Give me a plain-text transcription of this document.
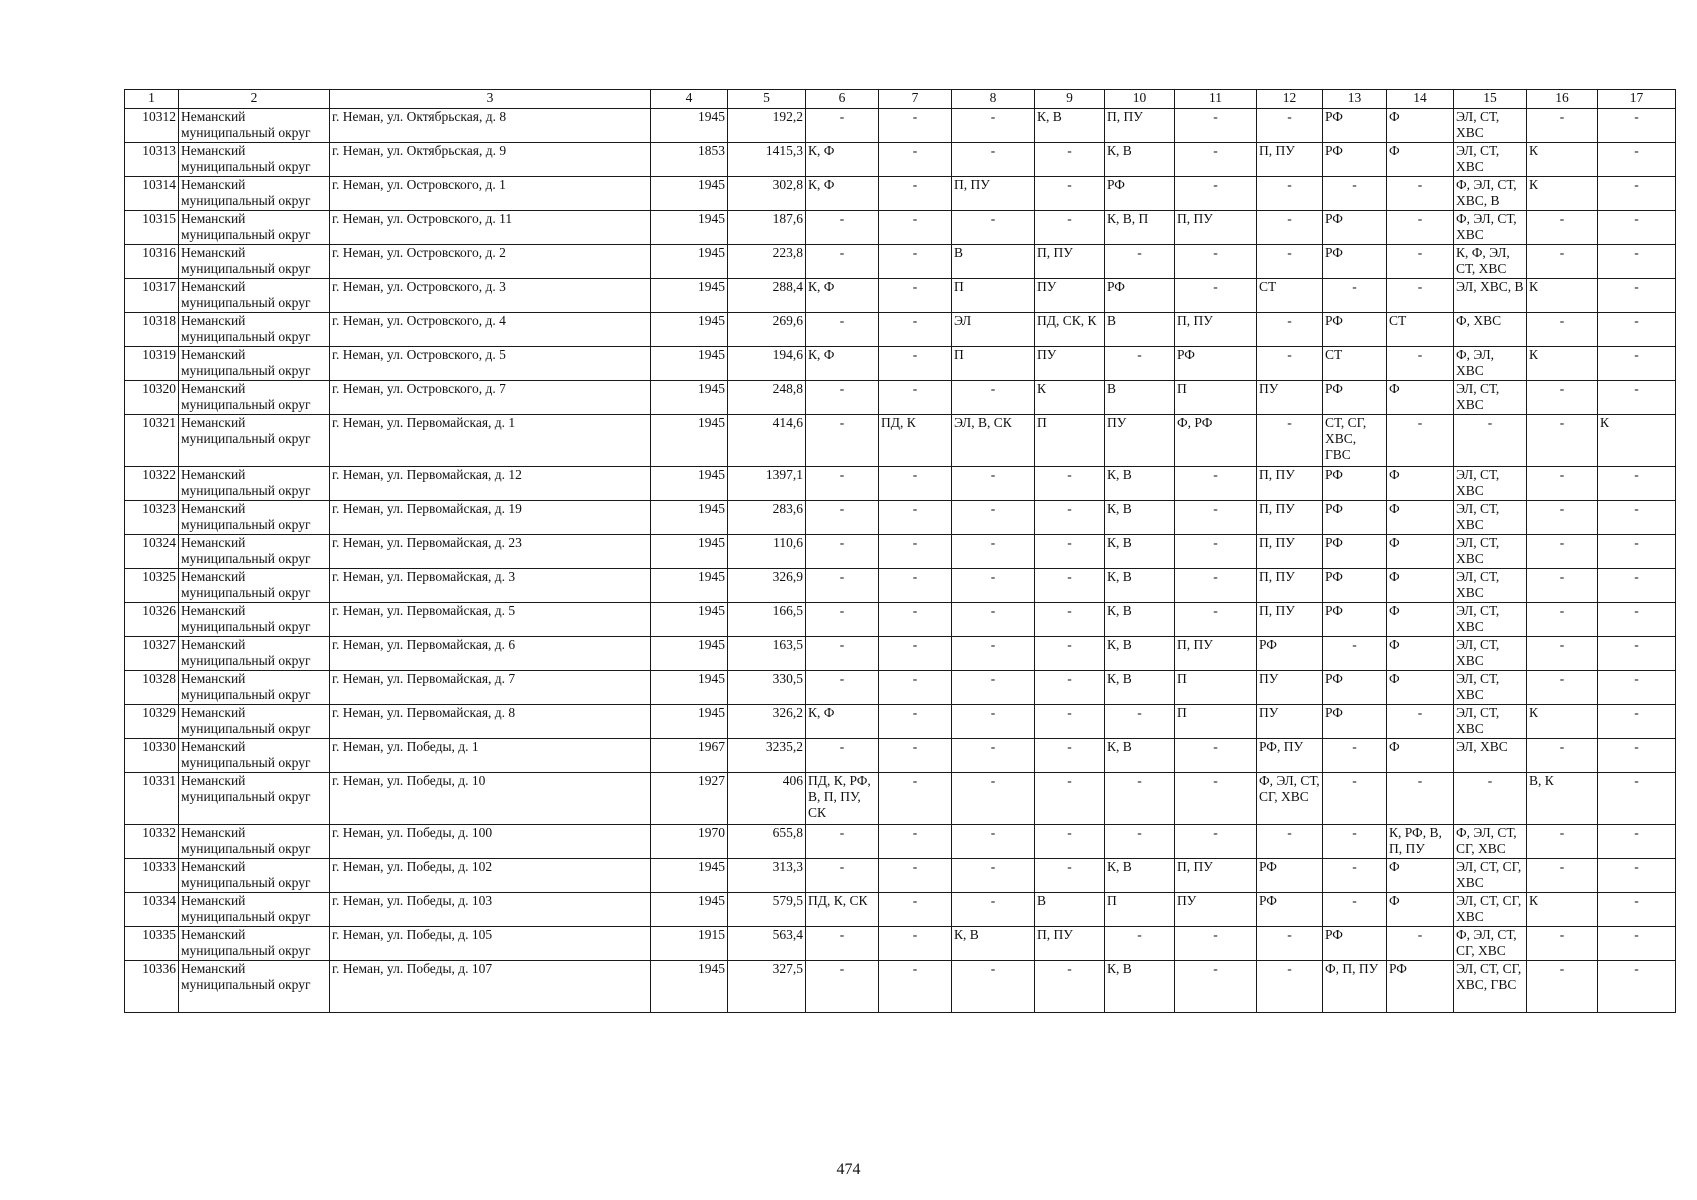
1	2	3	4	5	6	7	8	9	10	11	12	13	14	15	16	17
10312	Неманский муниципальный округ	г. Неман, ул. Октябрьская, д. 8	1945	192,2	-	-	-	К, В	П, ПУ	-	-	РФ	Ф	ЭЛ, СТ, ХВС	-	-
10313	Неманский муниципальный округ	г. Неман, ул. Октябрьская, д. 9	1853	1415,3	К, Ф	-	-	-	К, В	-	П, ПУ	РФ	Ф	ЭЛ, СТ, ХВС	К	-
10314	Неманский муниципальный округ	г. Неман, ул. Островского, д. 1	1945	302,8	К, Ф	-	П, ПУ	-	РФ	-	-	-	-	Ф, ЭЛ, СТ, ХВС, В	К	-
10315	Неманский муниципальный округ	г. Неман, ул. Островского, д. 11	1945	187,6	-	-	-	-	К, В, П	П, ПУ	-	РФ	-	Ф, ЭЛ, СТ, ХВС	-	-
10316	Неманский муниципальный округ	г. Неман, ул. Островского, д. 2	1945	223,8	-	-	В	П, ПУ	-	-	-	РФ	-	К, Ф, ЭЛ, СТ, ХВС	-	-
10317	Неманский муниципальный округ	г. Неман, ул. Островского, д. 3	1945	288,4	К, Ф	-	П	ПУ	РФ	-	СТ	-	-	ЭЛ, ХВС, В	К	-
10318	Неманский муниципальный округ	г. Неман, ул. Островского, д. 4	1945	269,6	-	-	ЭЛ	ПД, СК, К	В	П, ПУ	-	РФ	СТ	Ф, ХВС	-	-
10319	Неманский муниципальный округ	г. Неман, ул. Островского, д. 5	1945	194,6	К, Ф	-	П	ПУ	-	РФ	-	СТ	-	Ф, ЭЛ, ХВС	К	-
10320	Неманский муниципальный округ	г. Неман, ул. Островского, д. 7	1945	248,8	-	-	-	К	В	П	ПУ	РФ	Ф	ЭЛ, СТ, ХВС	-	-
10321	Неманский муниципальный округ	г. Неман, ул. Первомайская, д. 1	1945	414,6	-	ПД, К	ЭЛ, В, СК	П	ПУ	Ф, РФ	-	СТ, СГ, ХВС, ГВС	-	-	-	К
10322	Неманский муниципальный округ	г. Неман, ул. Первомайская, д. 12	1945	1397,1	-	-	-	-	К, В	-	П, ПУ	РФ	Ф	ЭЛ, СТ, ХВС	-	-
10323	Неманский муниципальный округ	г. Неман, ул. Первомайская, д. 19	1945	283,6	-	-	-	-	К, В	-	П, ПУ	РФ	Ф	ЭЛ, СТ, ХВС	-	-
10324	Неманский муниципальный округ	г. Неман, ул. Первомайская, д. 23	1945	110,6	-	-	-	-	К, В	-	П, ПУ	РФ	Ф	ЭЛ, СТ, ХВС	-	-
10325	Неманский муниципальный округ	г. Неман, ул. Первомайская, д. 3	1945	326,9	-	-	-	-	К, В	-	П, ПУ	РФ	Ф	ЭЛ, СТ, ХВС	-	-
10326	Неманский муниципальный округ	г. Неман, ул. Первомайская, д. 5	1945	166,5	-	-	-	-	К, В	-	П, ПУ	РФ	Ф	ЭЛ, СТ, ХВС	-	-
10327	Неманский муниципальный округ	г. Неман, ул. Первомайская, д. 6	1945	163,5	-	-	-	-	К, В	П, ПУ	РФ	-	Ф	ЭЛ, СТ, ХВС	-	-
10328	Неманский муниципальный округ	г. Неман, ул. Первомайская, д. 7	1945	330,5	-	-	-	-	К, В	П	ПУ	РФ	Ф	ЭЛ, СТ, ХВС	-	-
10329	Неманский муниципальный округ	г. Неман, ул. Первомайская, д. 8	1945	326,2	К, Ф	-	-	-	-	П	ПУ	РФ	-	ЭЛ, СТ, ХВС	К	-
10330	Неманский муниципальный округ	г. Неман, ул. Победы, д. 1	1967	3235,2	-	-	-	-	К, В	-	РФ, ПУ	-	Ф	ЭЛ, ХВС	-	-
10331	Неманский муниципальный округ	г. Неман, ул. Победы, д. 10	1927	406	ПД, К, РФ, В, П, ПУ, СК	-	-	-	-	-	Ф, ЭЛ, СТ, СГ, ХВС	-	-	-	В, К	-
10332	Неманский муниципальный округ	г. Неман, ул. Победы, д. 100	1970	655,8	-	-	-	-	-	-	-	-	К, РФ, В, П, ПУ	Ф, ЭЛ, СТ, СГ, ХВС	-	-
10333	Неманский муниципальный округ	г. Неман, ул. Победы, д. 102	1945	313,3	-	-	-	-	К, В	П, ПУ	РФ	-	Ф	ЭЛ, СТ, СГ, ХВС	-	-
10334	Неманский муниципальный округ	г. Неман, ул. Победы, д. 103	1945	579,5	ПД, К, СК	-	-	В	П	ПУ	РФ	-	Ф	ЭЛ, СТ, СГ, ХВС	К	-
10335	Неманский муниципальный округ	г. Неман, ул. Победы, д. 105	1915	563,4	-	-	К, В	П, ПУ	-	-	-	РФ	-	Ф, ЭЛ, СТ, СГ, ХВС	-	-
10336	Неманский муниципальный округ	г. Неман, ул. Победы, д. 107	1945	327,5	-	-	-	-	К, В	-	-	Ф, П, ПУ	РФ	ЭЛ, СТ, СГ, ХВС, ГВС	-	-
474
